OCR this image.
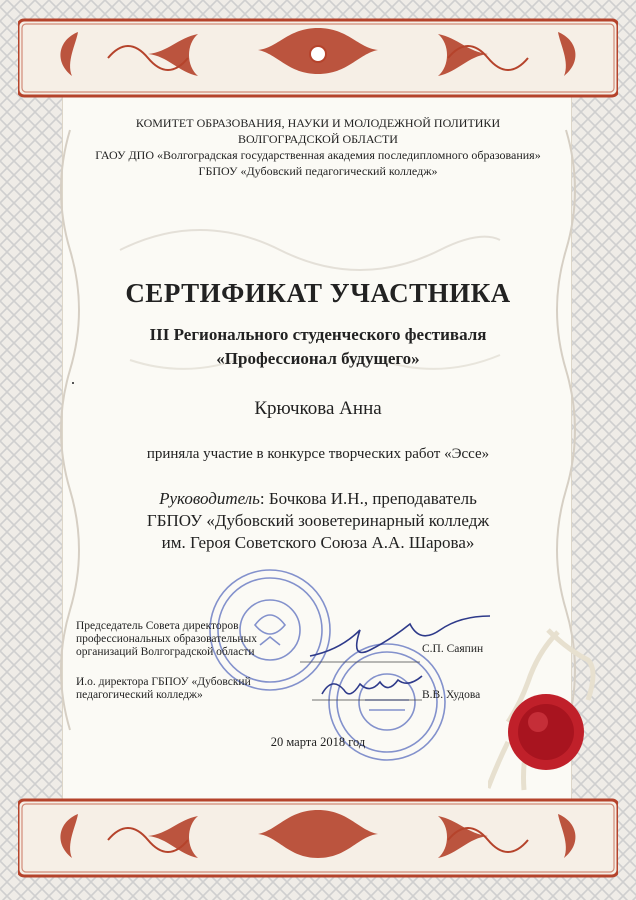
КОМИТЕТ ОБРАЗОВАНИЯ, НАУКИ И МОЛОДЕЖНОЙ ПОЛИТИКИ
ВОЛГОГРАДСКОЙ ОБЛАСТИ
ГАОУ ДПО «Волгоградская государственная академия последипломного образования»
ГБПОУ «Дубовский педагогический колледж»
СЕРТИФИКАТ УЧАСТНИКА
III Регионального студенческого фестиваля
«Профессионал будущего»
Крючкова Анна
приняла участие в конкурсе творческих работ «Эссе»
Руководитель: Бочкова И.Н., преподаватель
ГБПОУ «Дубовский зооветеринарный колледж
им. Героя Советского Союза А.А. Шарова»
Председатель Совета директоров
профессиональных образовательных
организаций Волгоградской области	С.П. Саяпин
И.о. директора ГБПОУ «Дубовский
педагогический колледж»	В.В. Худова
20 марта 2018 год
